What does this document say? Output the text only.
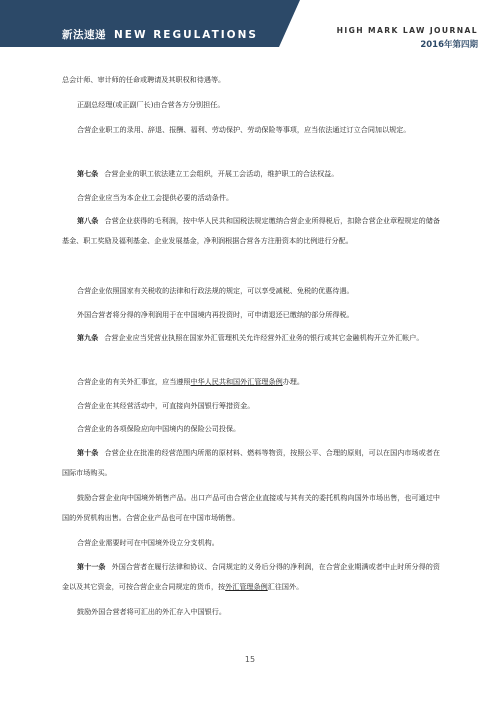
新法速递 NEW REGULATIONS	HIGH MARK LAW JOURNAL
2016年第四期

总会计师、审计师的任命或聘请及其职权和待遇等。

正副总经理(或正副厂长)由合营各方分别担任。

合营企业职工的录用、辞退、报酬、福利、劳动保护、劳动保险等事项，应当依法通过订立合同加以规定。

第七条 合营企业的职工依法建立工会组织，开展工会活动，维护职工的合法权益。

合营企业应当为本企业工会提供必要的活动条件。

第八条 合营企业获得的毛利润，按中华人民共和国税法规定缴纳合营企业所得税后，扣除合营企业章程规定的储备基金、职工奖励及福利基金、企业发展基金，净利润根据合营各方注册资本的比例进行分配。

合营企业依照国家有关税收的法律和行政法规的规定，可以享受减税、免税的优惠待遇。

外国合营者将分得的净利润用于在中国境内再投资时，可申请退还已缴纳的部分所得税。

第九条 合营企业应当凭营业执照在国家外汇管理机关允许经营外汇业务的银行或其它金融机构开立外汇帐户。

合营企业的有关外汇事宜，应当遵照中华人民共和国外汇管理条例办理。

合营企业在其经营活动中，可直接向外国银行筹措资金。

合营企业的各项保险应向中国境内的保险公司投保。

第十条 合营企业在批准的经营范围内所需的原材料、燃料等物资，按照公平、合理的原则，可以在国内市场或者在国际市场购买。

鼓励合营企业向中国境外销售产品。出口产品可由合营企业直接或与其有关的委托机构向国外市场出售，也可通过中国的外贸机构出售。合营企业产品也可在中国市场销售。

合营企业需要时可在中国境外设立分支机构。

第十一条 外国合营者在履行法律和协议、合同规定的义务后分得的净利润，在合营企业期满或者中止时所分得的资金以及其它资金，可按合营企业合同规定的货币，按外汇管理条例汇往国外。

鼓励外国合营者将可汇出的外汇存入中国银行。

15
